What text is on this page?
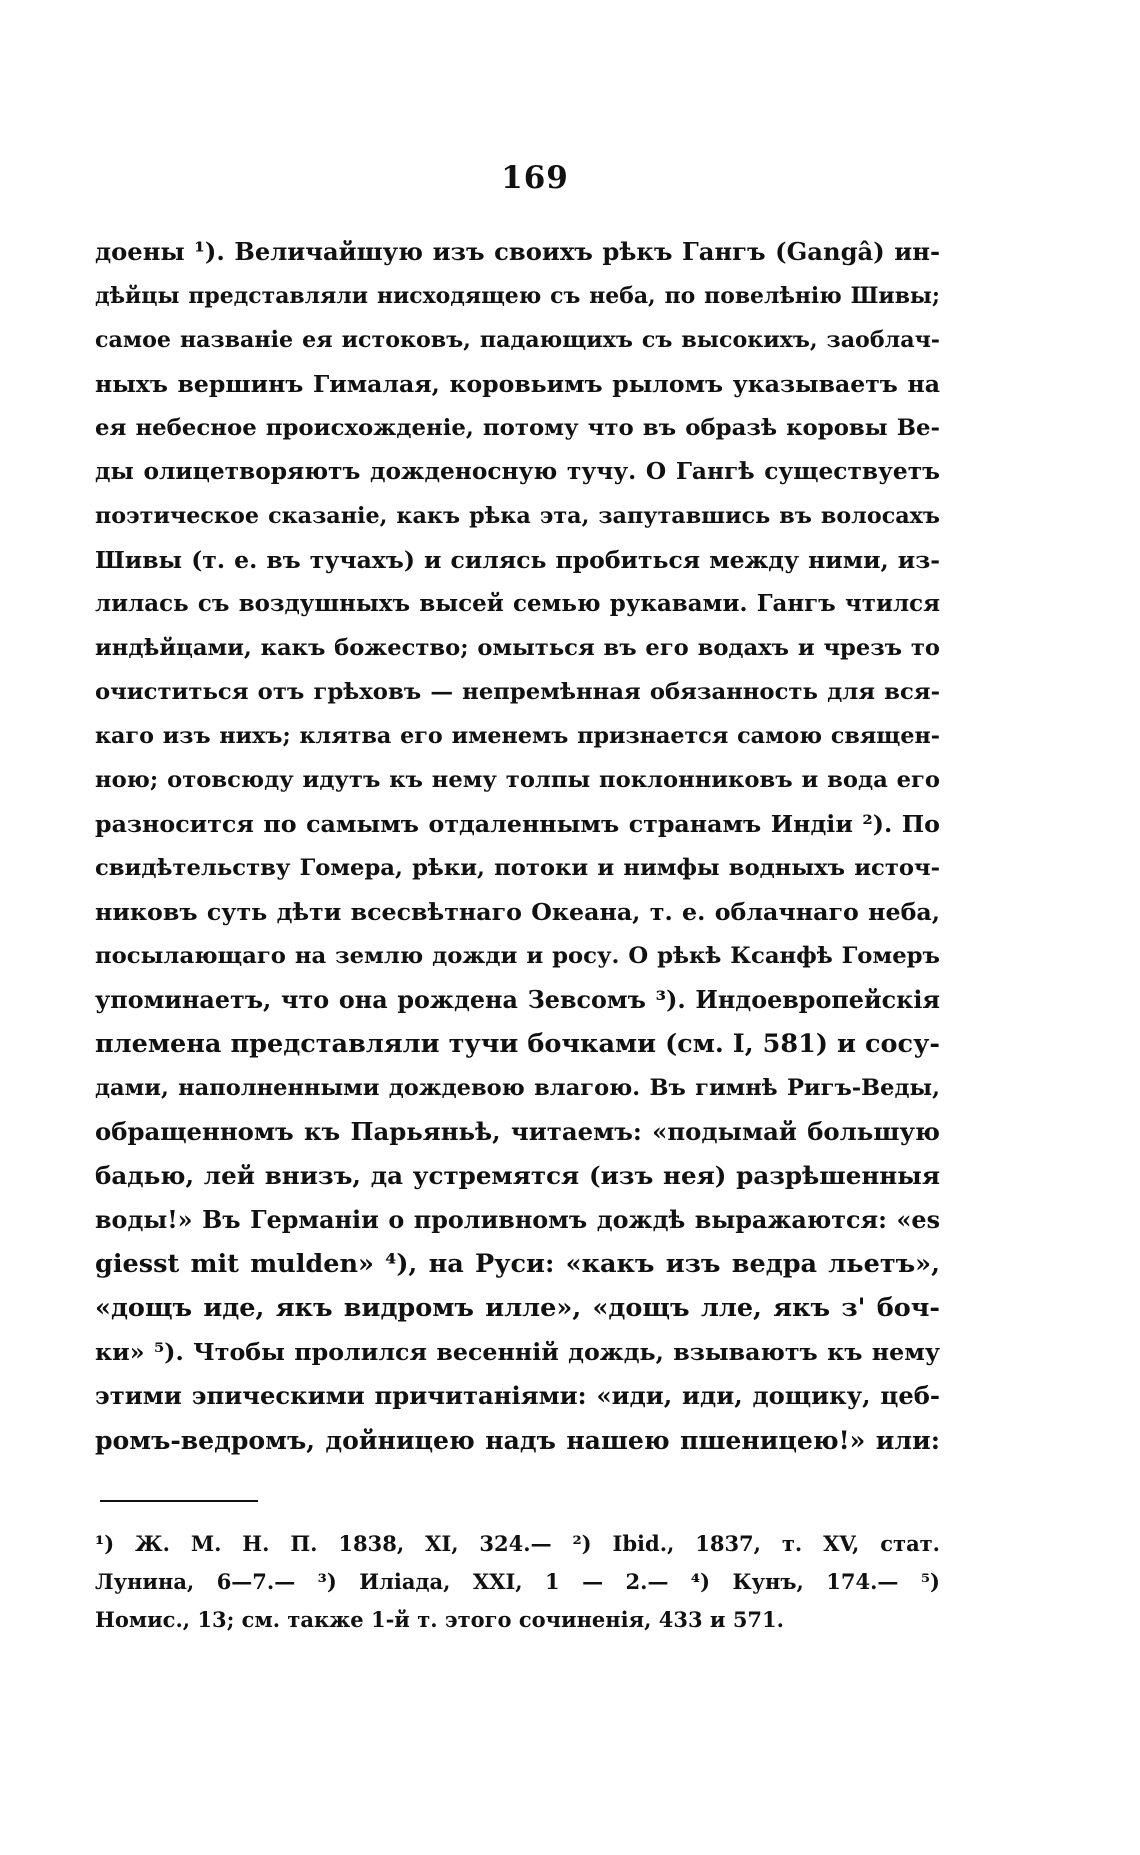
169
доены ¹). Величайшую изъ своихъ рѣкъ Гангъ (Gangâ) ин-
дѣйцы представляли нисходящею съ неба, по повелѣнію Шивы;
самое названіе ея истоковъ, падающихъ съ высокихъ, заоблач-
ныхъ вершинъ Гималая, коровьимъ рыломъ указываетъ на
ея небесное происхожденіе, потому что въ образѣ коровы Ве-
ды олицетворяютъ дожденосную тучу. О Гангѣ существуетъ
поэтическое сказаніе, какъ рѣка эта, запутавшись въ волосахъ
Шивы (т. е. въ тучахъ) и силясь пробиться между ними, из-
лилась съ воздушныхъ высей семью рукавами. Гангъ чтился
индѣйцами, какъ божество; омыться въ его водахъ и чрезъ то
очиститься отъ грѣховъ — непремѣнная обязанность для вся-
каго изъ нихъ; клятва его именемъ признается самою священ-
ною; отовсюду идутъ къ нему толпы поклонниковъ и вода его
разносится по самымъ отдаленнымъ странамъ Индіи ²). По
свидѣтельству Гомера, рѣки, потоки и нимфы водныхъ источ-
никовъ суть дѣти всесвѣтнаго Океана, т. е. облачнаго неба,
посылающаго на землю дожди и росу. О рѣкѣ Ксанфѣ Гомеръ
упоминаетъ, что она рождена Зевсомъ ³). Индоевропейскія
племена представляли тучи бочками (см. I, 581) и сосу-
дами, наполненными дождевою влагою. Въ гимнѣ Ригъ-Веды,
обращенномъ къ Парьяньѣ, читаемъ: «подымай большую
бадью, лей внизъ, да устремятся (изъ нея) разрѣшенныя
воды!» Въ Германіи о проливномъ дождѣ выражаются: «es
giesst mit mulden» ⁴), на Руси: «какъ изъ ведра льетъ»,
«дощъ иде, якъ видромъ илле», «дощъ лле, якъ з' боч-
ки» ⁵). Чтобы пролился весенній дождь, взываютъ къ нему
этими эпическими причитаніями: «иди, иди, дощику, цеб-
ромъ-ведромъ, дойницею надъ нашею пшеницею!» или:
¹) Ж. М. Н. П. 1838, XI, 324.— ²) Ibid., 1837, т. XV, стат.
Лунина, 6—7.— ³) Иліада, XXI, 1 — 2.— ⁴) Кунъ, 174.— ⁵)
Номис., 13; см. также 1-й т. этого сочиненія, 433 и 571.
